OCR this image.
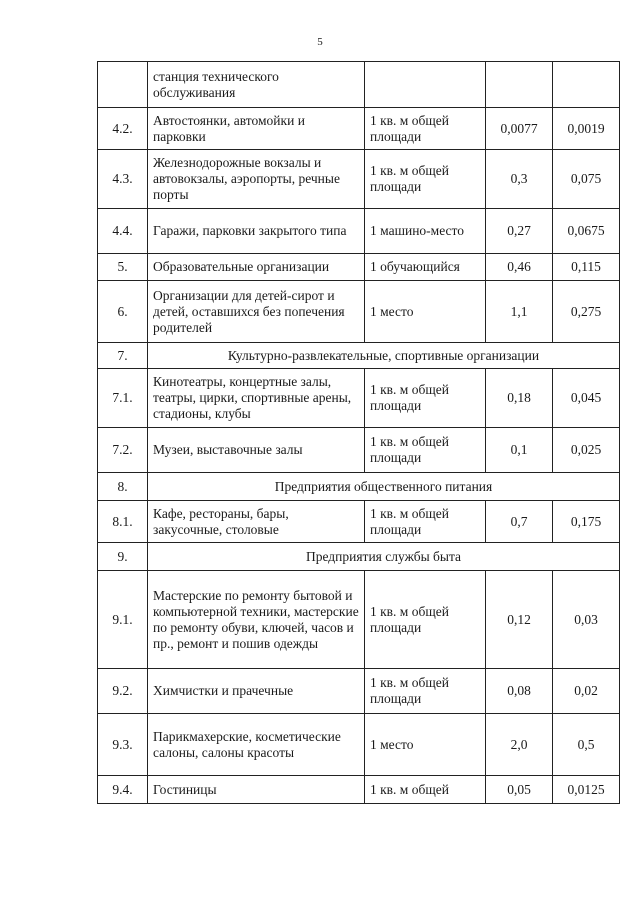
5
	станция технического обслуживания			
4.2.	Автостоянки, автомойки и парковки	1 кв. м общей площади	0,0077	0,0019
4.3.	Железнодорожные вокзалы и автовокзалы, аэропорты, речные порты	1 кв. м общей площади	0,3	0,075
4.4.	Гаражи, парковки закрытого типа	1 машино-место	0,27	0,0675
5.	Образовательные организации	1 обучающийся	0,46	0,115
6.	Организации для детей-сирот и детей, оставшихся без попечения родителей	1 место	1,1	0,275
7.	Культурно-развлекательные, спортивные организации			
7.1.	Кинотеатры, концертные залы, театры, цирки, спортивные арены, стадионы, клубы	1 кв. м общей площади	0,18	0,045
7.2.	Музеи, выставочные залы	1 кв. м общей площади	0,1	0,025
8.	Предприятия общественного питания			
8.1.	Кафе, рестораны, бары, закусочные, столовые	1 кв. м общей площади	0,7	0,175
9.	Предприятия службы быта			
9.1.	Мастерские по ремонту бытовой и компьютерной техники, мастерские по ремонту обуви, ключей, часов и пр., ремонт и пошив одежды	1 кв. м общей площади	0,12	0,03
9.2.	Химчистки и прачечные	1 кв. м общей площади	0,08	0,02
9.3.	Парикмахерские, косметические салоны, салоны красоты	1 место	2,0	0,5
9.4.	Гостиницы	1 кв. м общей	0,05	0,0125
